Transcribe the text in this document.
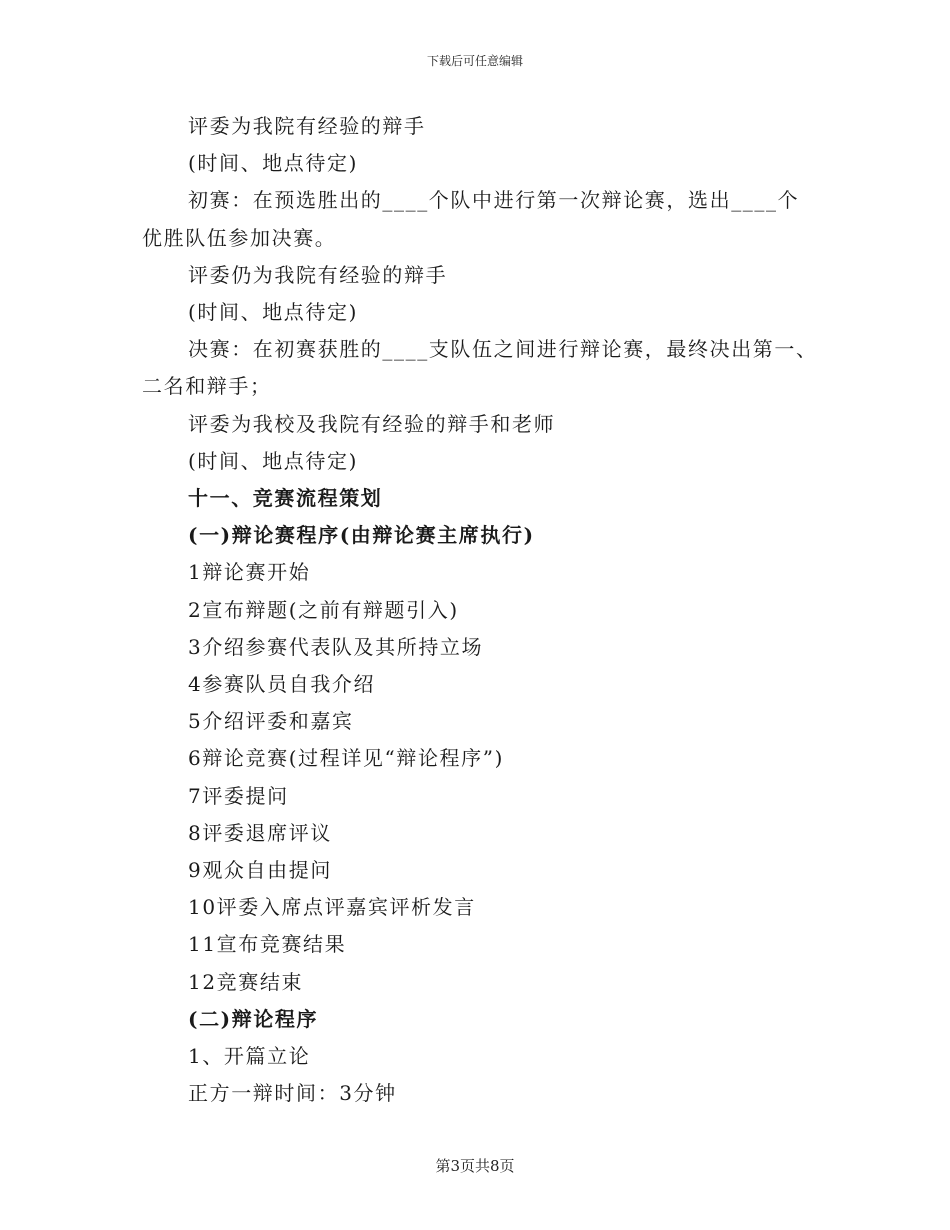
下载后可任意编辑
评委为我院有经验的辩手
(时间、地点待定)
初赛：在预选胜出的____个队中进行第一次辩论赛，选出____个
优胜队伍参加决赛。
评委仍为我院有经验的辩手
(时间、地点待定)
决赛：在初赛获胜的____支队伍之间进行辩论赛，最终决出第一、
二名和辩手；
评委为我校及我院有经验的辩手和老师
(时间、地点待定)
十一、竞赛流程策划
(一)辩论赛程序(由辩论赛主席执行)
1辩论赛开始
2宣布辩题(之前有辩题引入)
3介绍参赛代表队及其所持立场
4参赛队员自我介绍
5介绍评委和嘉宾
6辩论竞赛(过程详见“辩论程序”)
7评委提问
8评委退席评议
9观众自由提问
10评委入席点评嘉宾评析发言
11宣布竞赛结果
12竞赛结束
(二)辩论程序
1、开篇立论
正方一辩时间：3分钟
第3页共8页
